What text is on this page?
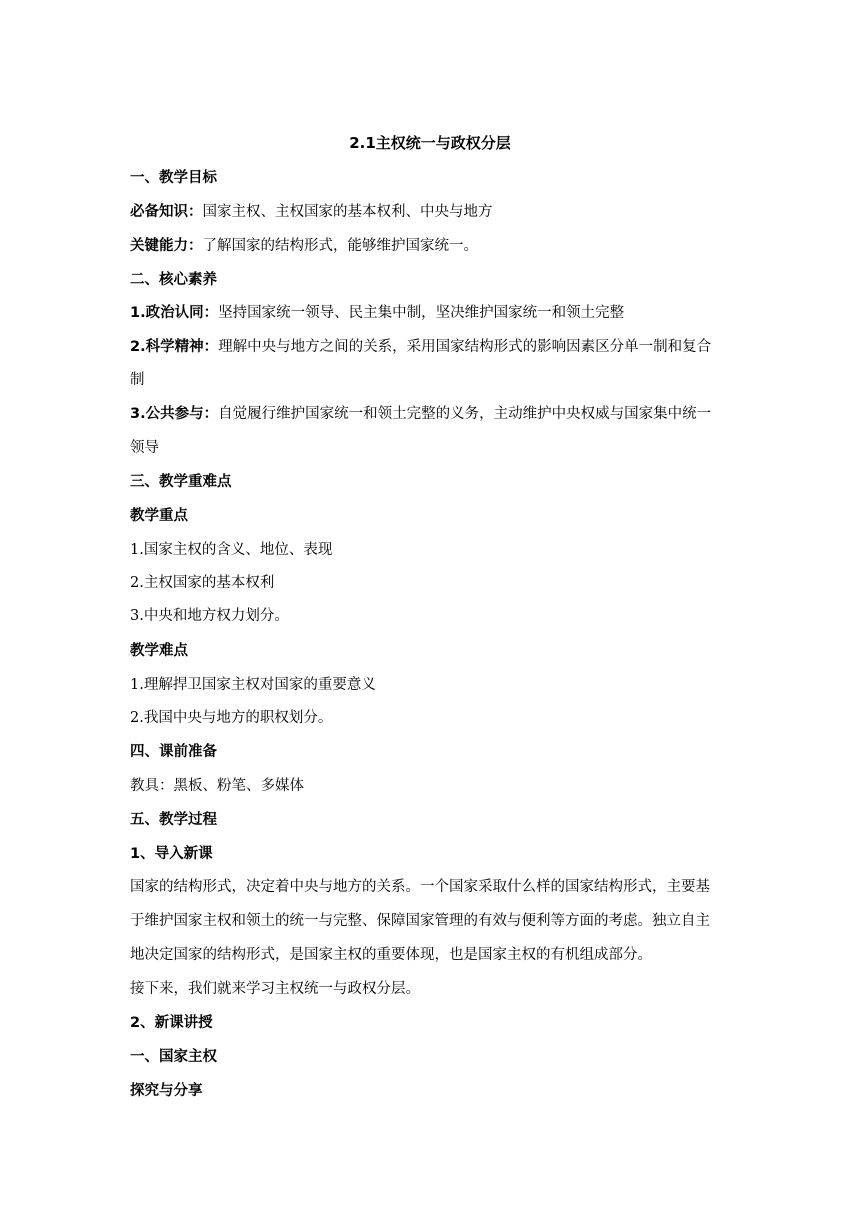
2.1主权统一与政权分层
一、教学目标
必备知识：国家主权、主权国家的基本权利、中央与地方
关键能力：了解国家的结构形式，能够维护国家统一。
二、核心素养
1.政治认同：坚持国家统一领导、民主集中制，坚决维护国家统一和领土完整
2.科学精神：理解中央与地方之间的关系，采用国家结构形式的影响因素区分单一制和复合
制
3.公共参与：自觉履行维护国家统一和领土完整的义务，主动维护中央权威与国家集中统一
领导
三、教学重难点
教学重点
1.国家主权的含义、地位、表现
2.主权国家的基本权利
3.中央和地方权力划分。
教学难点
1.理解捍卫国家主权对国家的重要意义
2.我国中央与地方的职权划分。
四、课前准备
教具：黑板、粉笔、多媒体
五、教学过程
1、导入新课
国家的结构形式，决定着中央与地方的关系。一个国家采取什么样的国家结构形式，主要基
于维护国家主权和领土的统一与完整、保障国家管理的有效与便利等方面的考虑。独立自主
地决定国家的结构形式，是国家主权的重要体现，也是国家主权的有机组成部分。
接下来，我们就来学习主权统一与政权分层。
2、新课讲授
一、国家主权
探究与分享
